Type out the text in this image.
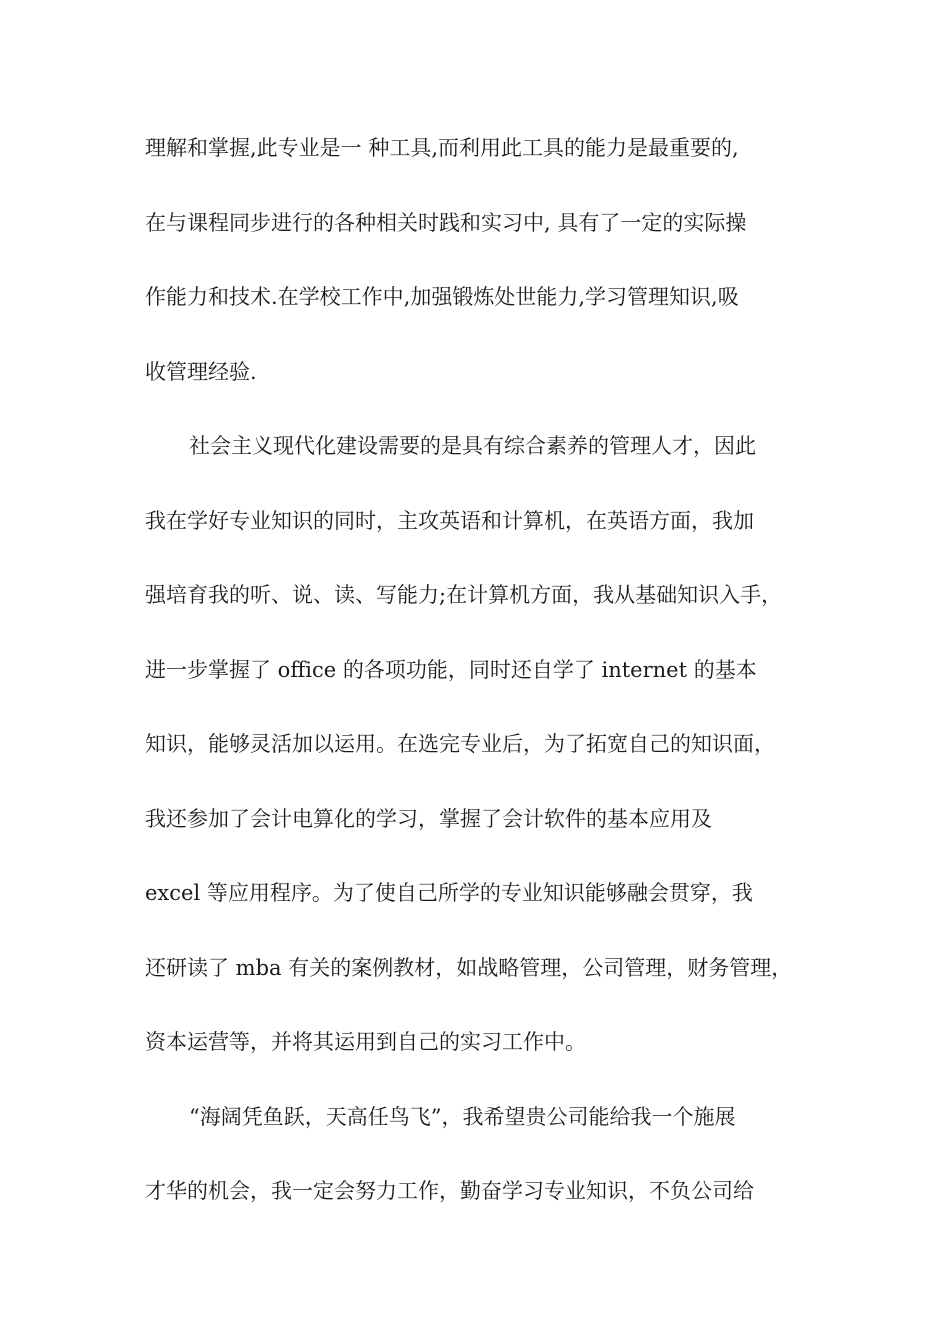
理解和掌握,此专业是一 种工具,而利用此工具的能力是最重要的,
在与课程同步进行的各种相关时践和实习中, 具有了一定的实际操
作能力和技术.在学校工作中,加强锻炼处世能力,学习管理知识,吸
收管理经验.
社会主义现代化建设需要的是具有综合素养的管理人才，因此
我在学好专业知识的同时，主攻英语和计算机，在英语方面，我加
强培育我的听、说、读、写能力;在计算机方面，我从基础知识入手，
进一步掌握了 office 的各项功能，同时还自学了 internet 的基本
知识，能够灵活加以运用。在选完专业后，为了拓宽自己的知识面，
我还参加了会计电算化的学习，掌握了会计软件的基本应用及
excel 等应用程序。为了使自己所学的专业知识能够融会贯穿，我
还研读了 mba 有关的案例教材，如战略管理，公司管理，财务管理，
资本运营等，并将其运用到自己的实习工作中。
“海阔凭鱼跃，天高任鸟飞”，我希望贵公司能给我一个施展
才华的机会，我一定会努力工作，勤奋学习专业知识，不负公司给
